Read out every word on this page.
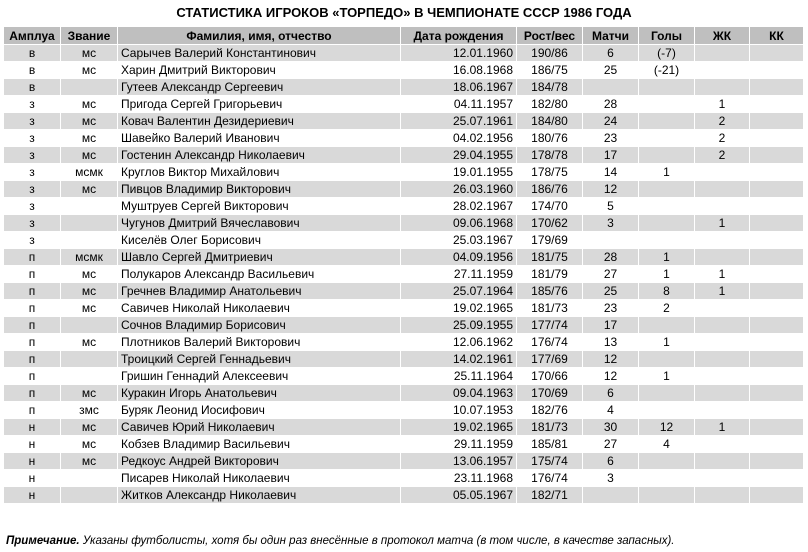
СТАТИСТИКА ИГРОКОВ «ТОРПЕДО» В ЧЕМПИОНАТЕ СССР 1986 ГОДА
Амплуа	Звание	Фамилия, имя, отчество	Дата рождения	Рост/вес	Матчи	Голы	ЖК	КК
в	мс	Сарычев Валерий Константинович	12.01.1960	190/86	6	(-7)		
в	мс	Харин Дмитрий Викторович	16.08.1968	186/75	25	(-21)		
в		Гутеев Александр Сергеевич	18.06.1967	184/78				
з	мс	Пригода Сергей Григорьевич	04.11.1957	182/80	28		1	
з	мс	Ковач Валентин Дезидериевич	25.07.1961	184/80	24		2	
з	мс	Шавейко Валерий Иванович	04.02.1956	180/76	23		2	
з	мс	Гостенин Александр Николаевич	29.04.1955	178/78	17		2	
з	мсмк	Круглов Виктор Михайлович	19.01.1955	178/75	14	1		
з	мс	Пивцов Владимир Викторович	26.03.1960	186/76	12			
з		Муштруев Сергей Викторович	28.02.1967	174/70	5			
з		Чугунов Дмитрий Вячеславович	09.06.1968	170/62	3		1	
з		Киселёв Олег Борисович	25.03.1967	179/69				
п	мсмк	Шавло Сергей Дмитриевич	04.09.1956	181/75	28	1		
п	мс	Полукаров Александр Васильевич	27.11.1959	181/79	27	1	1	
п	мс	Гречнев Владимир Анатольевич	25.07.1964	185/76	25	8	1	
п	мс	Савичев Николай Николаевич	19.02.1965	181/73	23	2		
п		Сочнов Владимир Борисович	25.09.1955	177/74	17			
п	мс	Плотников Валерий Викторович	12.06.1962	176/74	13	1		
п		Троицкий Сергей Геннадьевич	14.02.1961	177/69	12			
п		Гришин Геннадий Алексеевич	25.11.1964	170/66	12	1		
п	мс	Куракин Игорь Анатольевич	09.04.1963	170/69	6			
п	змс	Буряк Леонид Иосифович	10.07.1953	182/76	4			
н	мс	Савичев Юрий Николаевич	19.02.1965	181/73	30	12	1	
н	мс	Кобзев Владимир Васильевич	29.11.1959	185/81	27	4		
н	мс	Редкоус Андрей Викторович	13.06.1957	175/74	6			
н		Писарев Николай Николаевич	23.11.1968	176/74	3			
н		Житков Александр Николаевич	05.05.1967	182/71				
Примечание. Указаны футболисты, хотя бы один раз внесённые в протокол матча (в том числе, в качестве запасных).
